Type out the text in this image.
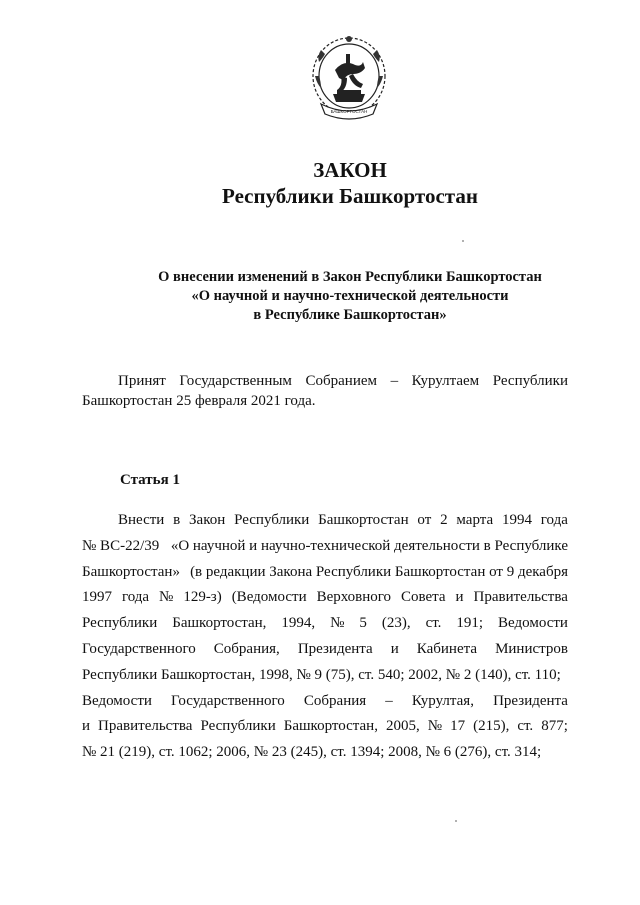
БАШКОРТОСТАН
ЗАКОН
Республики Башкортостан
О внесении изменений в Закон Республики Башкортостан
«О научной и научно-технической деятельности
в Республике Башкортостан»
Принят Государственным Собранием – Курултаем Республики
Башкортостан 25 февраля 2021 года.
Статья 1
Внести в Закон Республики Башкортостан от 2 марта 1994 года
№ ВС-22/39 «О научной и научно-технической деятельности в Республике
Башкортостан» (в редакции Закона Республики Башкортостан от 9 декабря
1997 года № 129-з) (Ведомости Верховного Совета и Правительства
Республики Башкортостан, 1994, № 5 (23), ст. 191; Ведомости
Государственного Собрания, Президента и Кабинета Министров
Республики Башкортостан, 1998, № 9 (75), ст. 540; 2002, № 2 (140), ст. 110;
Ведомости Государственного Собрания – Курултая, Президента
и Правительства Республики Башкортостан, 2005, № 17 (215), ст. 877;
№ 21 (219), ст. 1062; 2006, № 23 (245), ст. 1394; 2008, № 6 (276), ст. 314;
